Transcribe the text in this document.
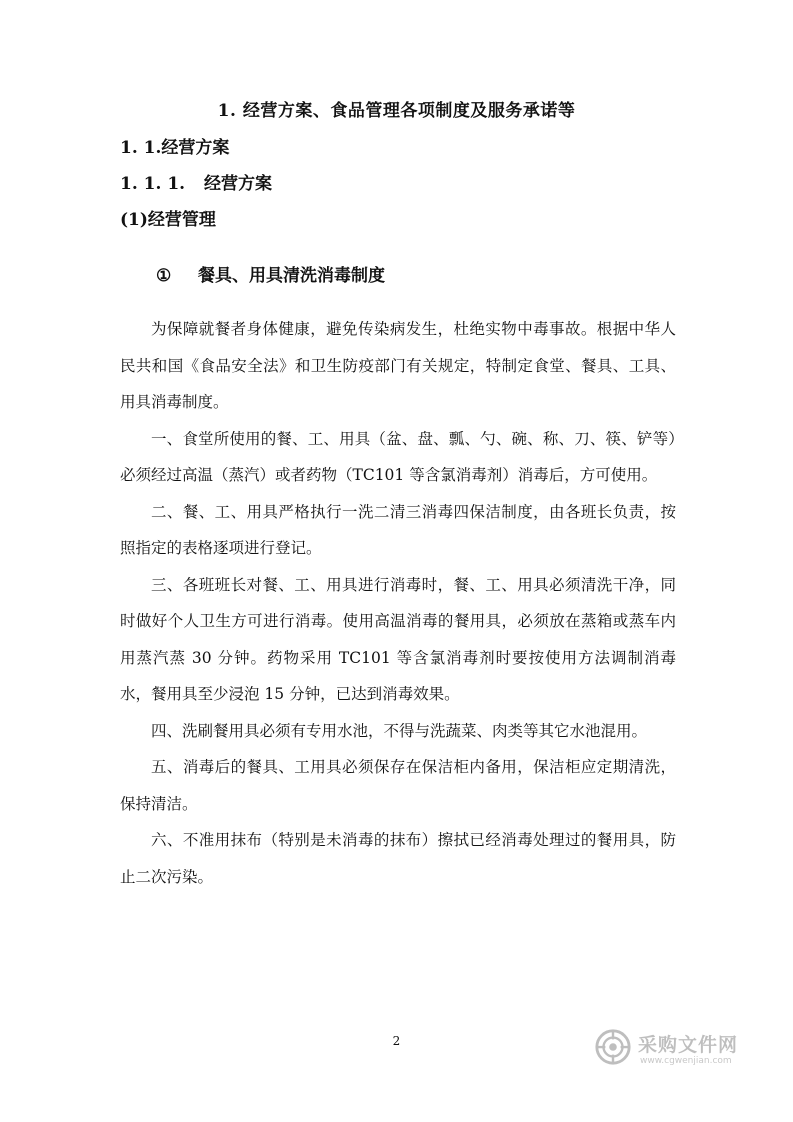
1. 经营方案、食品管理各项制度及服务承诺等
1. 1.经营方案
1. 1. 1. 经营方案
(1)经营管理
① 餐具、用具清洗消毒制度

为保障就餐者身体健康，避免传染病发生，杜绝实物中毒事故。根据中华人民共和国《食品安全法》和卫生防疫部门有关规定，特制定食堂、餐具、工具、用具消毒制度。

一、食堂所使用的餐、工、用具（盆、盘、瓢、勺、碗、称、刀、筷、铲等）必须经过高温（蒸汽）或者药物（TC101 等含氯消毒剂）消毒后，方可使用。

二、餐、工、用具严格执行一洗二清三消毒四保洁制度，由各班长负责，按照指定的表格逐项进行登记。

三、各班班长对餐、工、用具进行消毒时，餐、工、用具必须清洗干净，同时做好个人卫生方可进行消毒。使用高温消毒的餐用具，必须放在蒸箱或蒸车内用蒸汽蒸 30 分钟。药物采用 TC101 等含氯消毒剂时要按使用方法调制消毒水，餐用具至少浸泡 15 分钟，已达到消毒效果。

四、洗刷餐用具必须有专用水池，不得与洗蔬菜、肉类等其它水池混用。

五、消毒后的餐具、工用具必须保存在保洁柜内备用，保洁柜应定期清洗，保持清洁。

六、不准用抹布（特别是未消毒的抹布）擦拭已经消毒处理过的餐用具，防止二次污染。

2	采购文件网
www.cgwenjian.com
